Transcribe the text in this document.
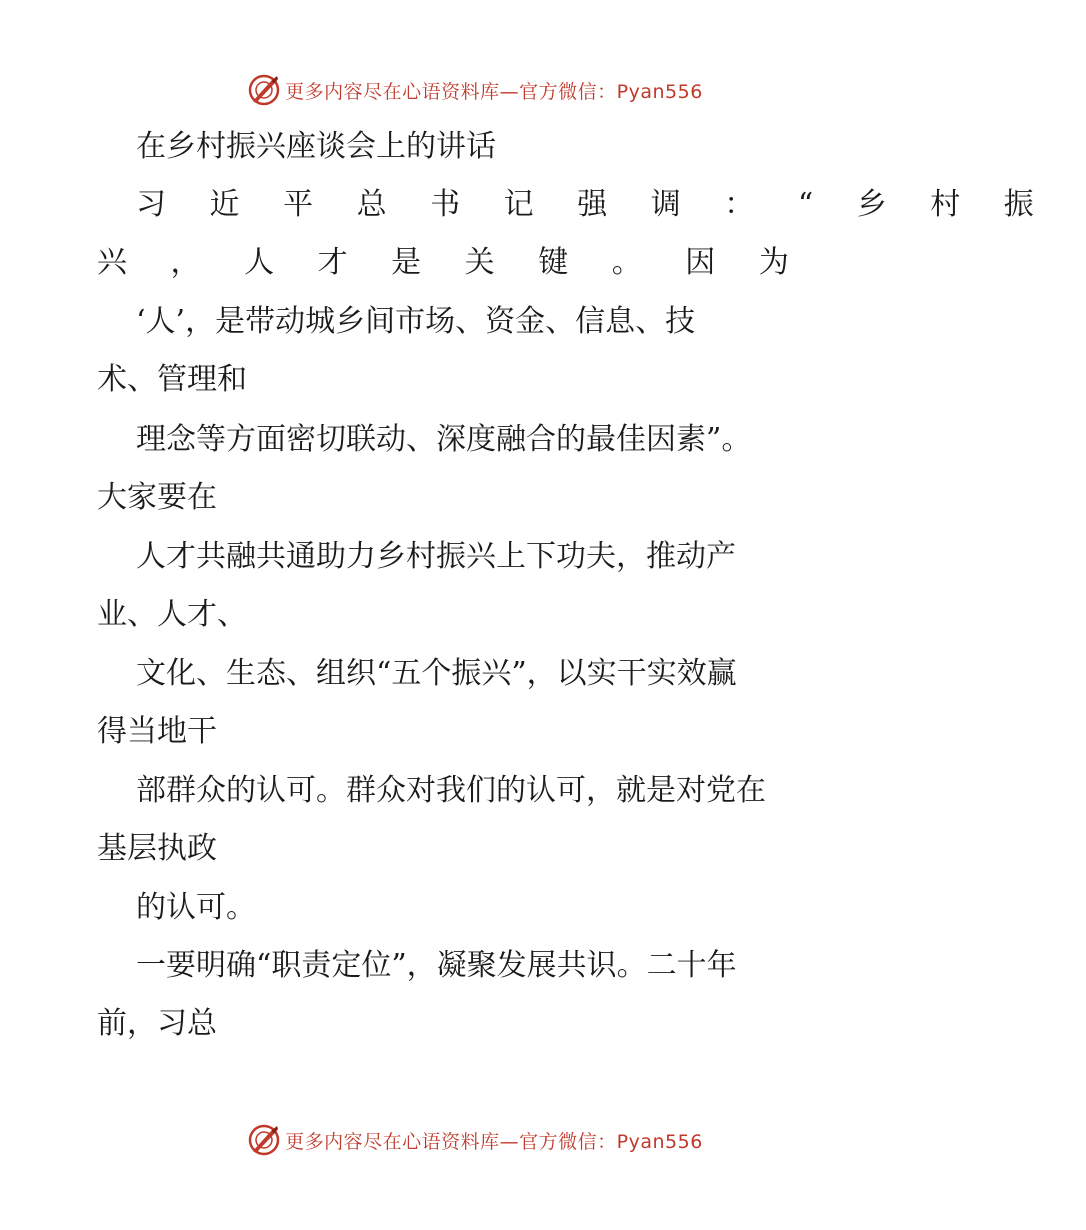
更多内容尽在心语资料库—官方微信：Pyan556
在乡村振兴座谈会上的讲话
习 近 平 总 书 记 强 调 ： “ 乡 村 振
兴 ， 人 才 是 关 键 。 因 为
‘人’，是带动城乡间市场、资金、信息、技
术、管理和
理念等方面密切联动、深度融合的最佳因素”。
大家要在
人才共融共通助力乡村振兴上下功夫，推动产
业、人才、
文化、生态、组织“五个振兴”，以实干实效赢
得当地干
部群众的认可。群众对我们的认可，就是对党在
基层执政
的认可。
一要明确“职责定位”，凝聚发展共识。二十年
前，习总
更多内容尽在心语资料库—官方微信：Pyan556
